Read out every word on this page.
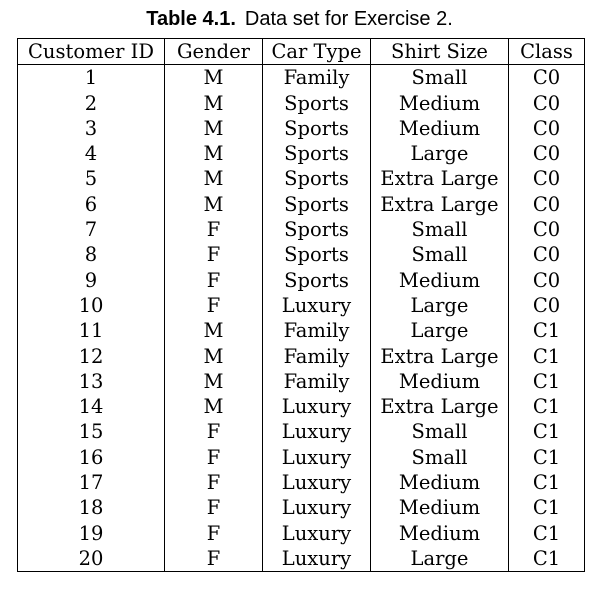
Table 4.1. Data set for Exercise 2.
Customer ID	Gender	Car Type	Shirt Size	Class
1	M	Family	Small	C0
2	M	Sports	Medium	C0
3	M	Sports	Medium	C0
4	M	Sports	Large	C0
5	M	Sports	Extra Large	C0
6	M	Sports	Extra Large	C0
7	F	Sports	Small	C0
8	F	Sports	Small	C0
9	F	Sports	Medium	C0
10	F	Luxury	Large	C0
11	M	Family	Large	C1
12	M	Family	Extra Large	C1
13	M	Family	Medium	C1
14	M	Luxury	Extra Large	C1
15	F	Luxury	Small	C1
16	F	Luxury	Small	C1
17	F	Luxury	Medium	C1
18	F	Luxury	Medium	C1
19	F	Luxury	Medium	C1
20	F	Luxury	Large	C1
